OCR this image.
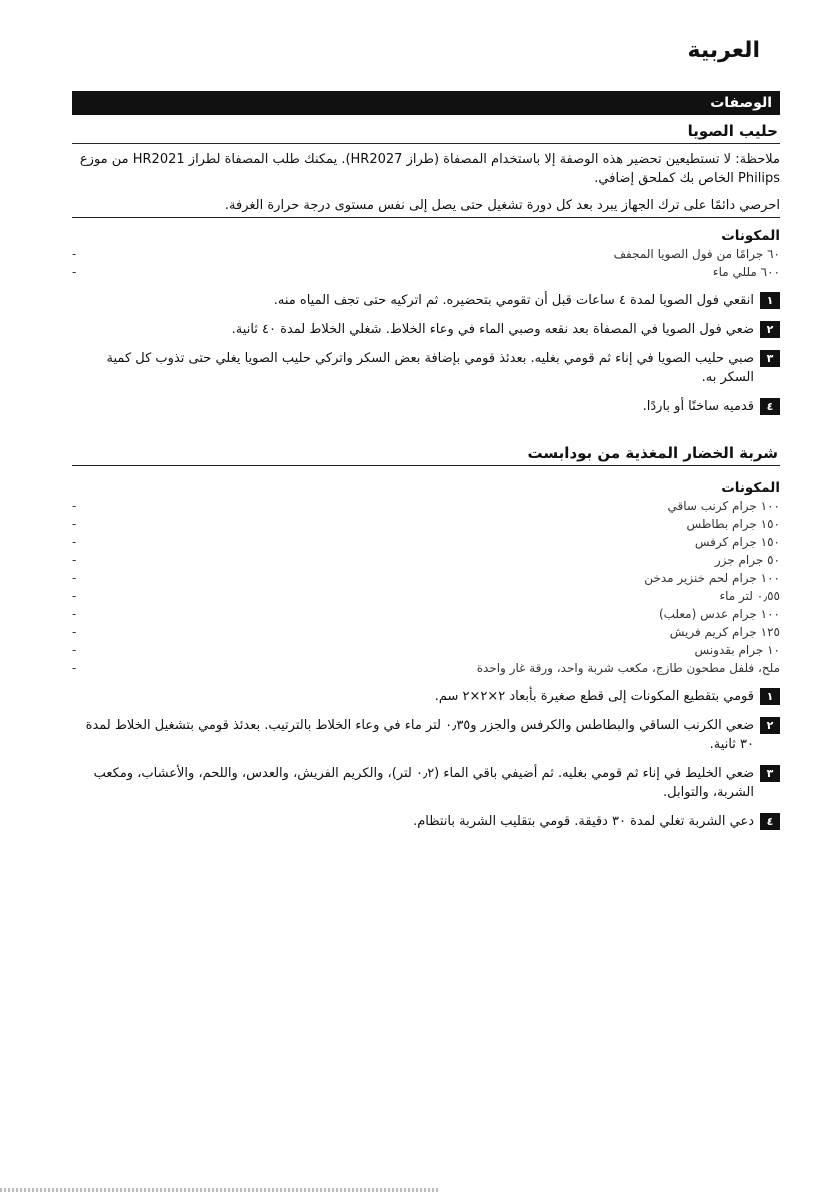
العربية
الوصفات
حليب الصويا

ملاحظة: لا تستطيعين تحضير هذه الوصفة إلا باستخدام المصفاة (طراز HR2027). يمكنك طلب المصفاة لطراز HR2021 من موزع Philips الخاص بك كملحق إضافي.

احرصي دائمًا على ترك الجهاز يبرد بعد كل دورة تشغيل حتى يصل إلى نفس مستوى درجة حرارة الغرفة.

المكونات
٦٠ جرامًا من فول الصويا المجفف
-
٦٠٠ مللي ماء
-
١
انقعي فول الصويا لمدة ٤ ساعات قبل أن تقومي بتحضيره. ثم اتركيه حتى تجف المياه منه.
٢
ضعي فول الصويا في المصفاة بعد نقعه وصبي الماء في وعاء الخلاط. شغلي الخلاط لمدة ٤٠ ثانية.
٣
صبي حليب الصويا في إناء ثم قومي بغليه. بعدئذ قومي بإضافة بعض السكر واتركي حليب الصويا يغلي حتى تذوب كل كمية السكر به.
٤
قدميه ساخنًا أو باردًا.
شربة الخضار المغذية من بودابست
المكونات
١٠٠ جرام كرنب ساقي
-
١٥٠ جرام بطاطس
-
١٥٠ جرام كرفس
-
٥٠ جرام جزر
-
١٠٠ جرام لحم خنزير مدخن
-
٠٫٥٥ لتر ماء
-
١٠٠ جرام عدس (معلب)
-
١٢٥ جرام كريم فريش
-
١٠ جرام بقدونس
-
ملح، فلفل مطحون طازج، مكعب شربة واحد، ورقة غار واحدة
-
١
قومي بتقطيع المكونات إلى قطع صغيرة بأبعاد ٢×٢×٢ سم.
٢
ضعي الكرنب الساقي والبطاطس والكرفس والجزر و٠٫٣٥ لتر ماء في وعاء الخلاط بالترتيب. بعدئذ قومي بتشغيل الخلاط لمدة ٣٠ ثانية.
٣
ضعي الخليط في إناء ثم قومي بغليه. ثم أضيفي باقي الماء (٠٫٢ لتر)، والكريم الفريش، والعدس، واللحم، والأعشاب، ومكعب الشربة، والتوابل.
٤
دعي الشربة تغلي لمدة ٣٠ دقيقة. قومي بتقليب الشربة بانتظام.
